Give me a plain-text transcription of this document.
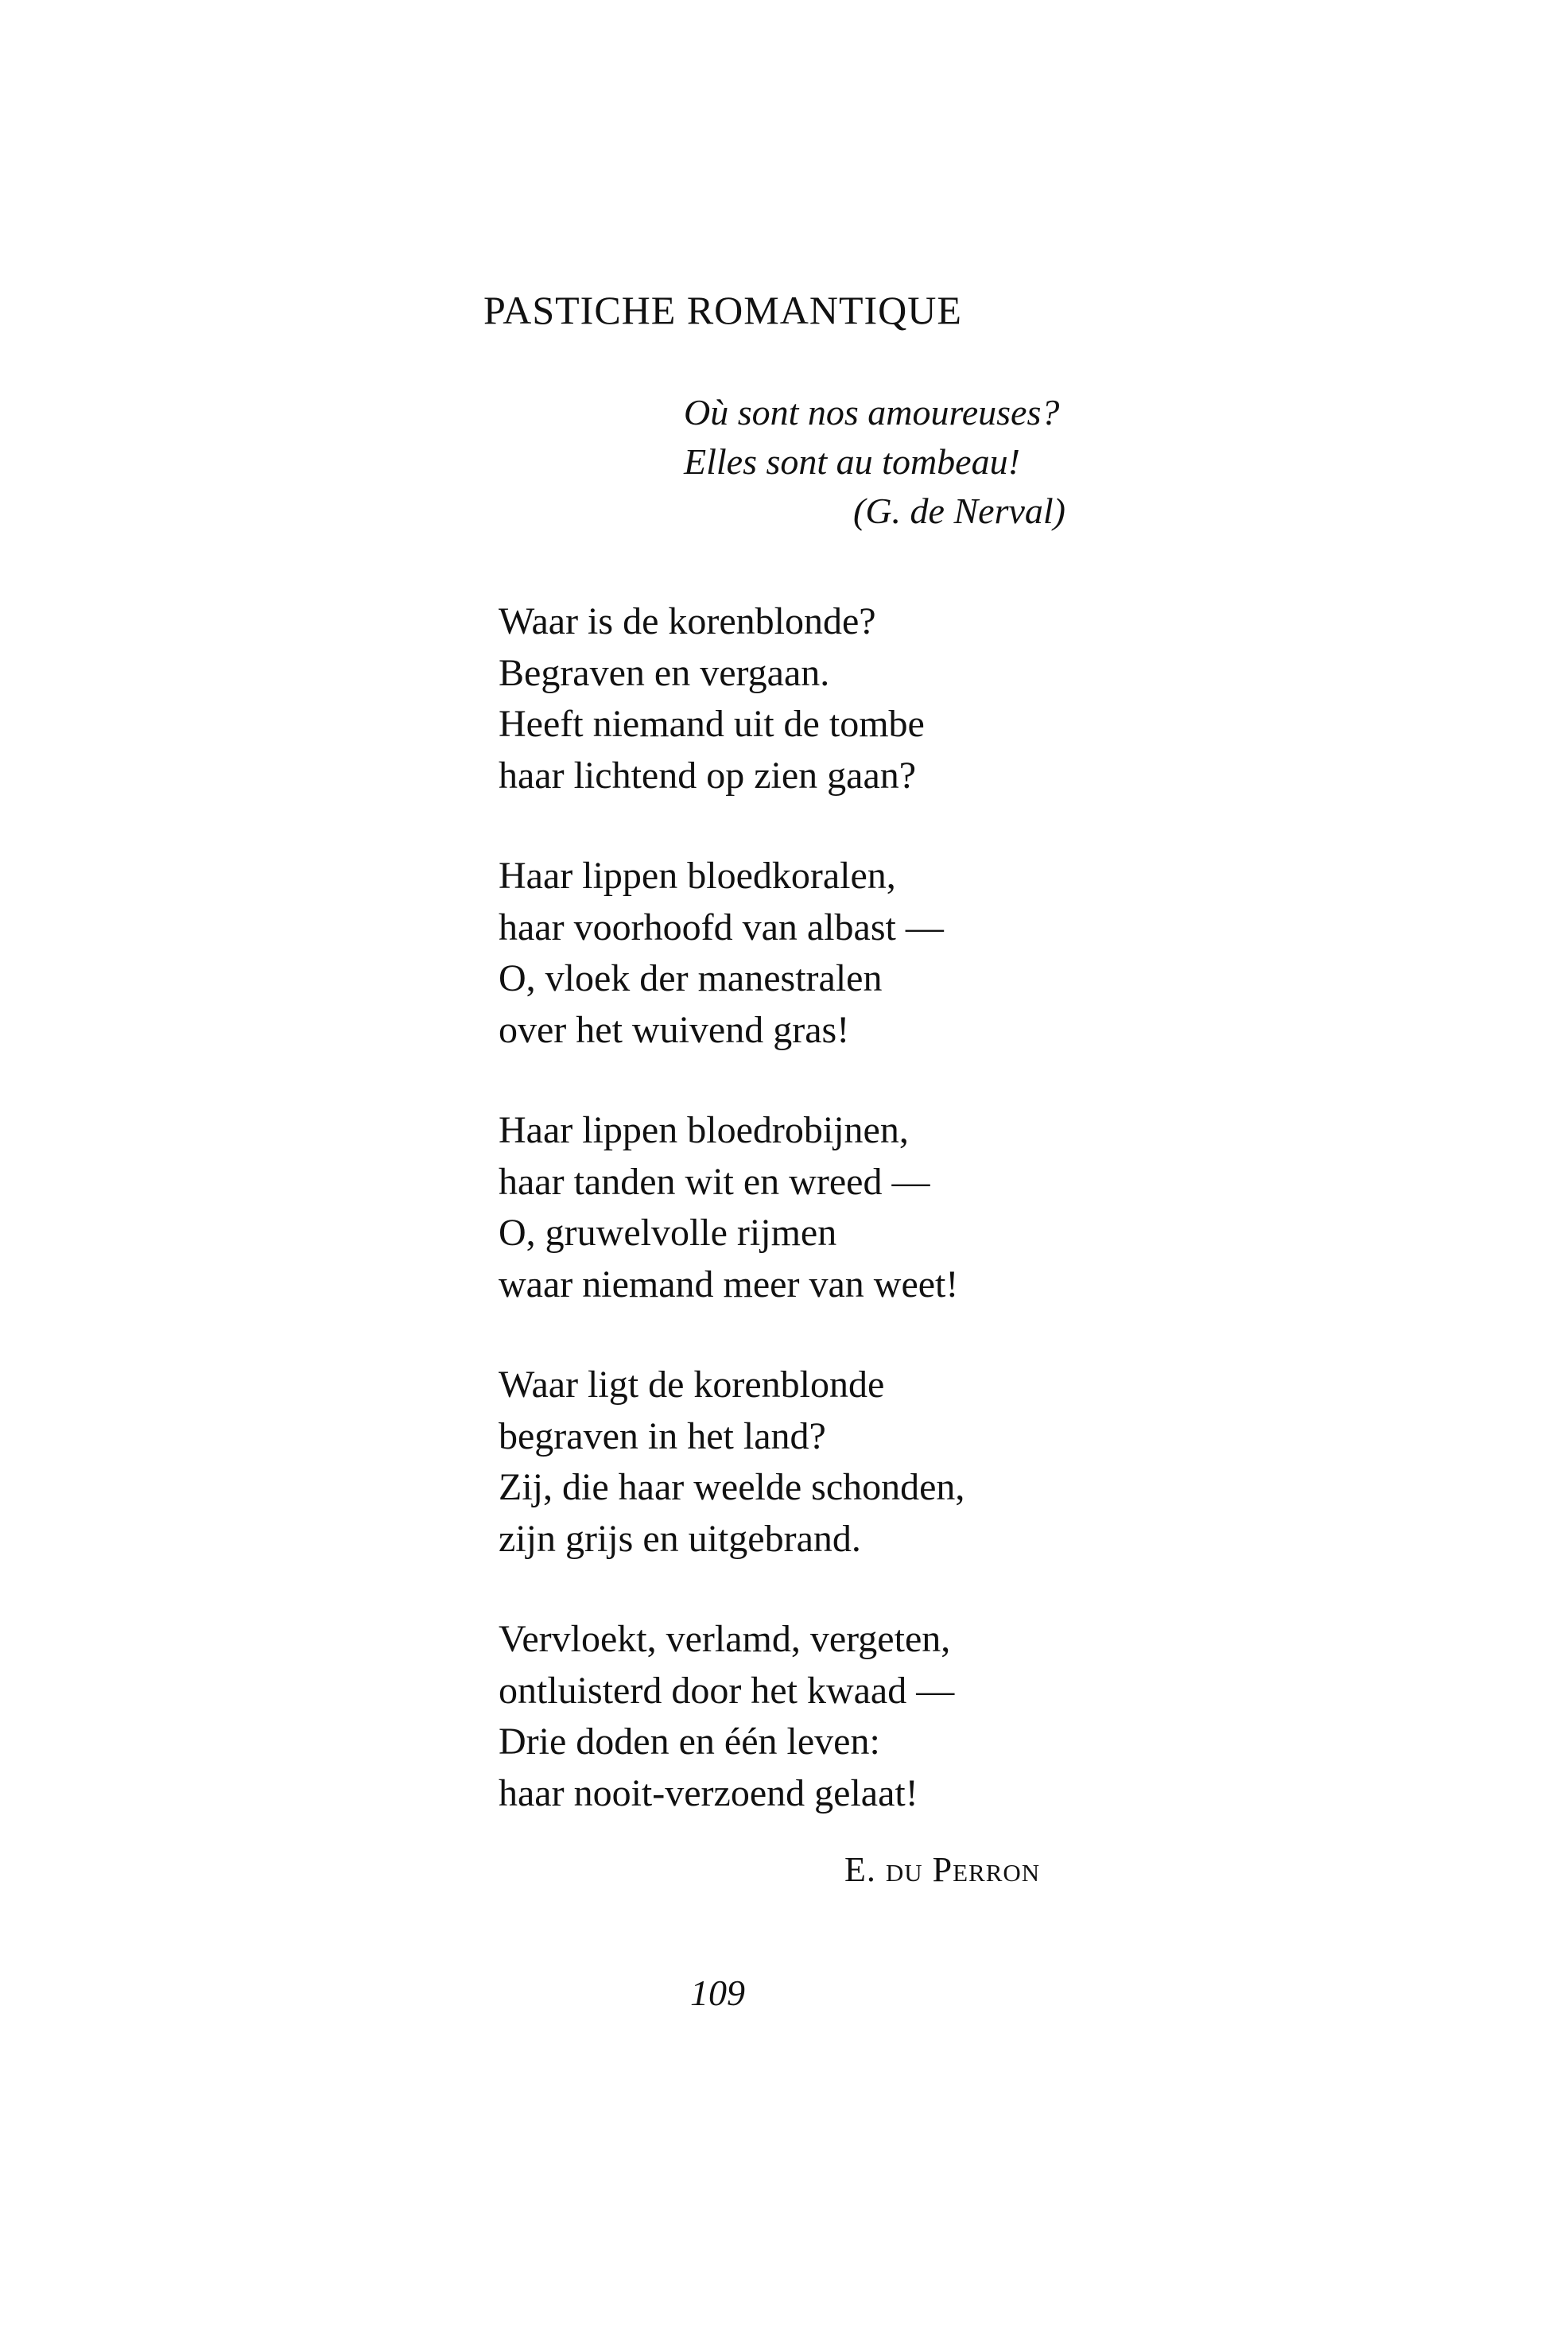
PASTICHE ROMANTIQUE
Où sont nos amoureuses?
Elles sont au tombeau!
(G. de Nerval)
Waar is de korenblonde?
Begraven en vergaan.
Heeft niemand uit de tombe
haar lichtend op zien gaan?
Haar lippen bloedkoralen,
haar voorhoofd van albast —
O, vloek der manestralen
over het wuivend gras!
Haar lippen bloedrobijnen,
haar tanden wit en wreed —
O, gruwelvolle rijmen
waar niemand meer van weet!
Waar ligt de korenblonde
begraven in het land?
Zij, die haar weelde schonden,
zijn grijs en uitgebrand.
Vervloekt, verlamd, vergeten,
ontluisterd door het kwaad —
Drie doden en één leven:
haar nooit-verzoend gelaat!
E. du Perron
109
